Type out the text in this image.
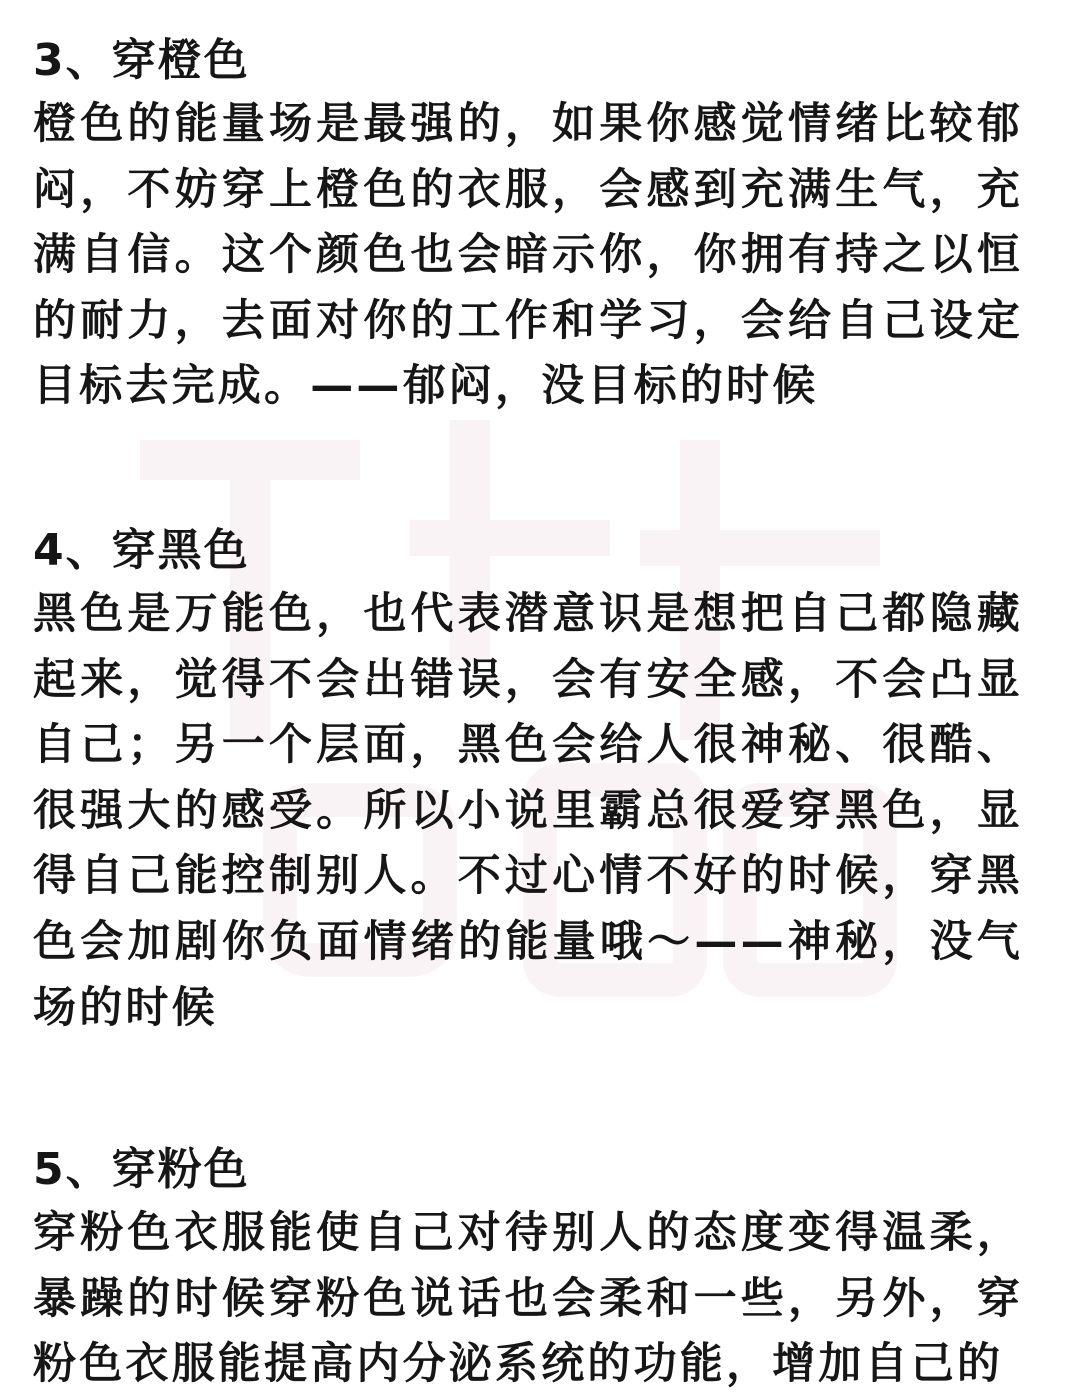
3、穿橙色

橙色的能量场是最强的，如果你感觉情绪比较郁闷，不妨穿上橙色的衣服，会感到充满生气，充满自信。这个颜色也会暗示你，你拥有持之以恒的耐力，去面对你的工作和学习，会给自己设定目标去完成。——郁闷，没目标的时候

4、穿黑色

黑色是万能色，也代表潜意识是想把自己都隐藏起来，觉得不会出错误，会有安全感，不会凸显自己；另一个层面，黑色会给人很神秘、很酷、很强大的感受。所以小说里霸总很爱穿黑色，显得自己能控制别人。不过心情不好的时候，穿黑色会加剧你负面情绪的能量哦～——神秘，没气场的时候

5、穿粉色

穿粉色衣服能使自己对待别人的态度变得温柔，暴躁的时候穿粉色说话也会柔和一些，另外，穿粉色衣服能提高内分泌系统的功能，增加自己的
